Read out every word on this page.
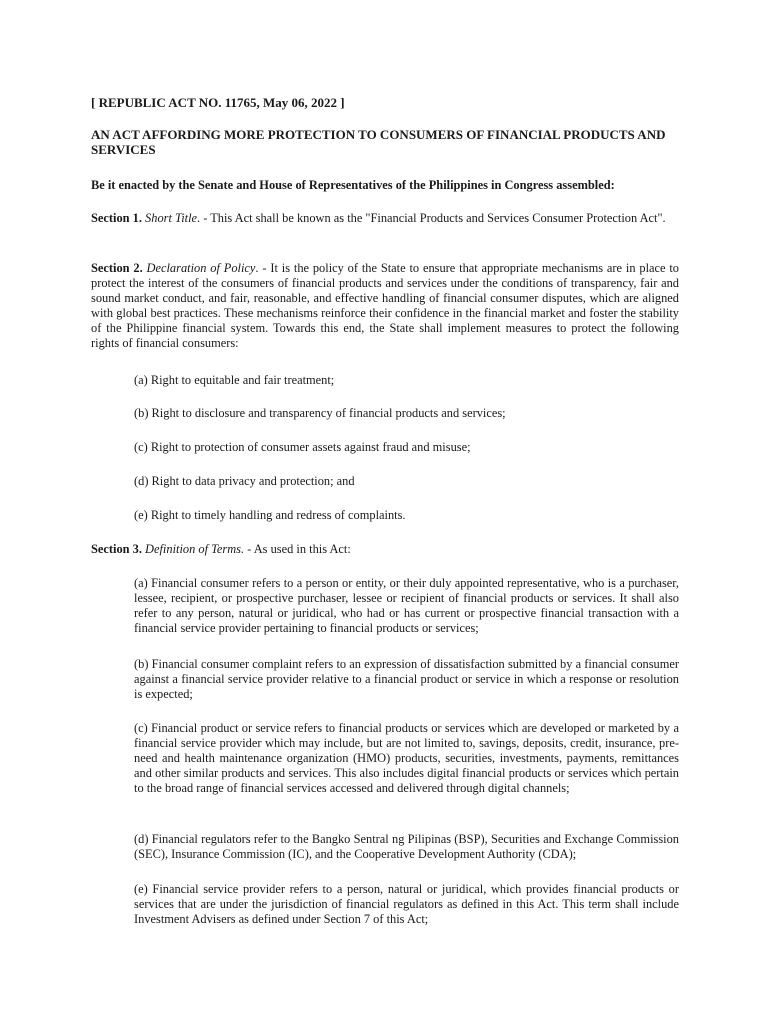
[ REPUBLIC ACT NO. 11765, May 06, 2022 ]

AN ACT AFFORDING MORE PROTECTION TO CONSUMERS OF FINANCIAL PRODUCTS AND SERVICES

Be it enacted by the Senate and House of Representatives of the Philippines in Congress assembled:

Section 1. Short Title. - This Act shall be known as the "Financial Products and Services Consumer Protection Act".

Section 2. Declaration of Policy. - It is the policy of the State to ensure that appropriate mechanisms are in place to protect the interest of the consumers of financial products and services under the conditions of transparency, fair and sound market conduct, and fair, reasonable, and effective handling of financial consumer disputes, which are aligned with global best practices. These mechanisms reinforce their confidence in the financial market and foster the stability of the Philippine financial system. Towards this end, the State shall implement measures to protect the following rights of financial consumers:

(a) Right to equitable and fair treatment;

(b) Right to disclosure and transparency of financial products and services;

(c) Right to protection of consumer assets against fraud and misuse;

(d) Right to data privacy and protection; and

(e) Right to timely handling and redress of complaints.

Section 3. Definition of Terms. - As used in this Act:

(a) Financial consumer refers to a person or entity, or their duly appointed representative, who is a purchaser, lessee, recipient, or prospective purchaser, lessee or recipient of financial products or services. It shall also refer to any person, natural or juridical, who had or has current or prospective financial transaction with a financial service provider pertaining to financial products or services;

(b) Financial consumer complaint refers to an expression of dissatisfaction submitted by a financial consumer against a financial service provider relative to a financial product or service in which a response or resolution is expected;

(c) Financial product or service refers to financial products or services which are developed or marketed by a financial service provider which may include, but are not limited to, savings, deposits, credit, insurance, pre-need and health maintenance organization (HMO) products, securities, investments, payments, remittances and other similar products and services. This also includes digital financial products or services which pertain to the broad range of financial services accessed and delivered through digital channels;

(d) Financial regulators refer to the Bangko Sentral ng Pilipinas (BSP), Securities and Exchange Commission (SEC), Insurance Commission (IC), and the Cooperative Development Authority (CDA);

(e) Financial service provider refers to a person, natural or juridical, which provides financial products or services that are under the jurisdiction of financial regulators as defined in this Act. This term shall include Investment Advisers as defined under Section 7 of this Act;
